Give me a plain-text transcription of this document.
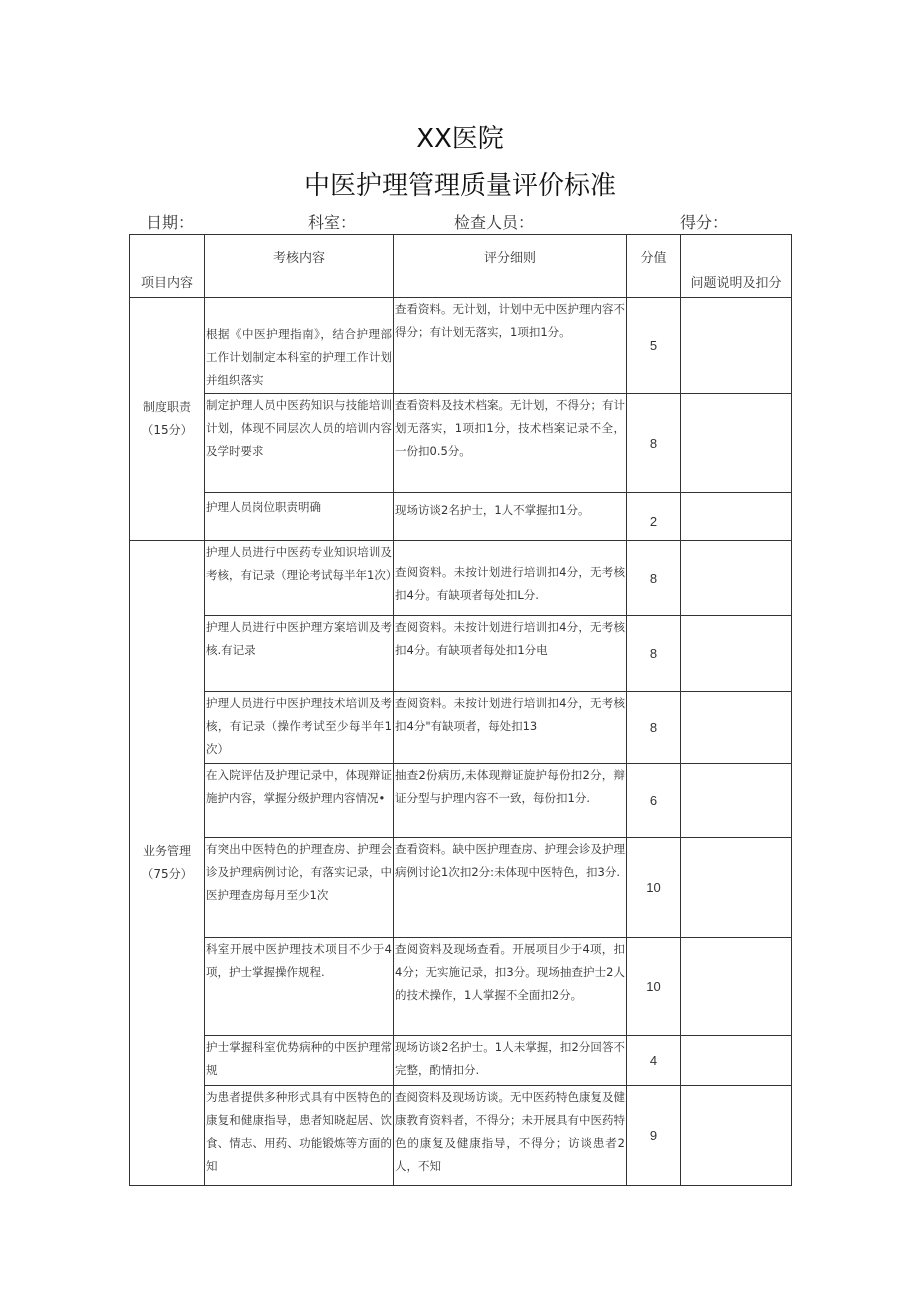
XX医院
中医护理管理质量评价标准
日期：	科室：	检查人员：	得分：
项目内容	考核内容	评分细则	分值	问题说明及扣分

制度职责（15分）	根据《中医护理指南》，结合护理部工作计划制定本科室的护理工作计划并组织落实	查看资料。无计划，计划中无中医护理内容不得分；有计划无落实，1项扣1分。	5	
	制定护理人员中医药知识与技能培训计划，体现不同层次人员的培训内容及学时要求	查看资料及技术档案。无计划，不得分；有计划无落实，1项扣1分，技术档案记录不全，一份扣0.5分。	8	
	护理人员岗位职责明确	现场访谈2名护士，1人不掌握扣1分。	2	

业务管理（75分）	护理人员进行中医药专业知识培训及考核，有记录（理论考试每半年1次）	查阅资料。未按计划进行培训扣4分，无考核扣4分。有缺项者每处扣L分.	8	
	护理人员进行中医护理方案培训及考核.有记录	查阅资料。未按计划进行培训扣4分，无考核扣4分。有缺项者每处扣1分电	8	
	护理人员进行中医护理技术培训及考核，有记录（操作考试至少每半年1次）	查阅资料。未按计划进行培训扣4分，无考核扣4分"有缺项者，每处扣13	8	
	在入院评估及护理记录中，体现辩证施护内容，掌握分级护理内容情况•	抽查2份病历,未体现辩证旋护每份扣2分，辩证分型与护理内容不一致，每份扣1分.	6	
	有突出中医特色的护理查房、护理会诊及护理病例讨论，有落实记录，中医护理查房每月至少1次	查看资料。缺中医护理查房、护理会诊及护理病例讨论1次扣2分:未体现中医特色，扣3分.	10	
	科室开展中医护理技术项目不少于4项，护士掌握操作规程.	查阅资料及现场查看。开展项目少于4项，扣4分；无实施记录，扣3分。现场抽查护士2人的技术操作，1人掌握不全面扣2分。	10	
	护士掌握科室优势病种的中医护理常规	现场访谈2名护士。1人未掌握，扣2分回答不完整，酌情扣分.	4	
	为患者提供多种形式具有中医特色的康复和健康指导，患者知晓起居、饮食、情志、用药、功能锻炼等方面的知	查阅资料及现场访谈。无中医药特色康复及健康教育资料者，不得分；未开展具有中医药特色的康复及健康指导，不得分；访谈患者2人，不知	9	
